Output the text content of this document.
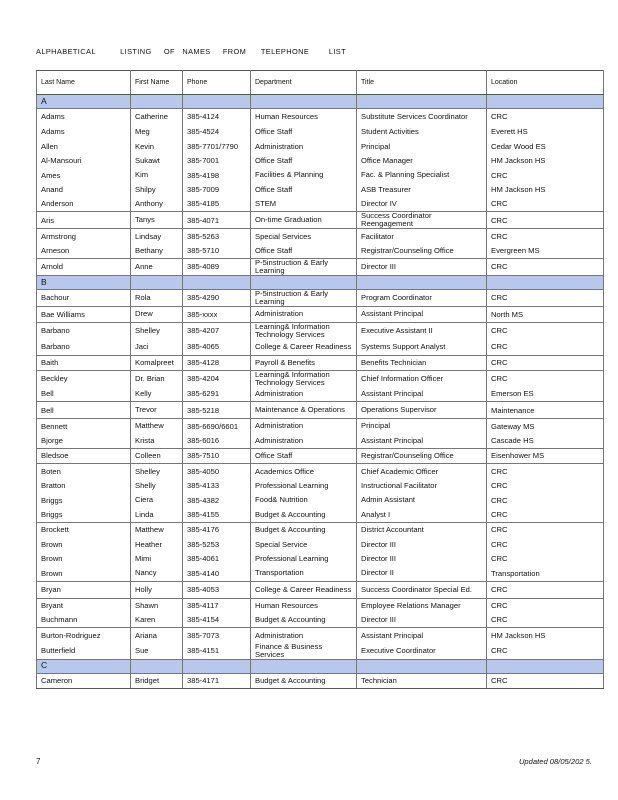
ALPHABETICAL          LISTING     OF   NAMES     FROM      TELEPHONE        LIST
Last Name	First Name	Phone	Department	Title	Location
A					
Adams	Catherine	385-4124	Human Resources	Substitute Services Coordinator	CRC
Adams	Meg	385-4524	Office Staff	Student Activities	Everett HS
Allen	Kevin	385-7701/7790	Administration	Principal	Cedar Wood ES
Al-Mansouri	Sukawt	385-7001	Office Staff	Office Manager	HM Jackson HS
Ames	Kim	385-4198	Facilities & Planning	Fac. & Planning Specialist	CRC
Anand	Shilpy	385-7009	Office Staff	ASB Treasurer	HM Jackson HS
Anderson	Anthony	385-4185	STEM	Director IV	CRC
Aris	Tanys	385-4071	On-time Graduation	Success Coordinator Reengagement	CRC
Armstrong	Lindsay	385-5263	Special Services	Facilitator	CRC
Arneson	Bethany	385-5710	Office Staff	Registrar/Counseling Office	Evergreen MS
Arnold	Anne	385-4089	P-5instruction & Early Learning	Director III	CRC
B					
Bachour	Rola	385-4290	P-5instruction & Early Learning	Program Coordinator	CRC
Bae Williams	Drew	385-xxxx	Administration	Assistant Principal	North MS
Barbano	Shelley	385-4207	Learning& Information Technology Services	Executive Assistant II	CRC
Barbano	Jaci	385-4065	College & Career Readiness	Systems Support Analyst	CRC
Baith	Komalpreet	385-4128	Payroll & Benefits	Benefits Technician	CRC
Beckley	Dr. Brian	385-4204	Learning& Information Technology Services	Chief Information Officer	CRC
Bell	Kelly	385-6291	Administration	Assistant Principal	Emerson ES
Bell	Trevor	385-5218	Maintenance & Operations	Operations Supervisor	Maintenance
Bennett	Matthew	385-6690/6601	Administration	Principal	Gateway MS
Bjorge	Krista	385-6016	Administration	Assistant Principal	Cascade HS
Bledsoe	Colleen	385-7510	Office Staff	Registrar/Counseling Office	Eisenhower MS
Boten	Shelley	385-4050	Academics Office	Chief Academic Officer	CRC
Bratton	Shelly	385-4133	Professional Learning	Instructional Facilitator	CRC
Briggs	Ciera	385-4382	Food& Nutrition	Admin Assistant	CRC
Briggs	Linda	385-4155	Budget & Accounting	Analyst I	CRC
Brockett	Matthew	385-4176	Budget & Accounting	District Accountant	CRC
Brown	Heather	385-5253	Special Service	Director III	CRC
Brown	Mimi	385-4061	Professional Learning	Director III	CRC
Brown	Nancy	385-4140	Transportation	Director II	Transportation
Bryan	Holly	385-4053	College & Career Readiness	Success Coordinator Special Ed.	CRC
Bryant	Shawn	385-4117	Human Resources	Employee Relations Manager	CRC
Buchmann	Karen	385-4154	Budget & Accounting	Director III	CRC
Burton-Rodriguez	Ariana	385-7073	Administration	Assistant Principal	HM Jackson HS
Butterfield	Sue	385-4151	Finance & Business Services	Executive Coordinator	CRC
C					
Cameron	Bridget	385-4171	Budget & Accounting	Technician	CRC
7	Updated 08/05/202 5.
